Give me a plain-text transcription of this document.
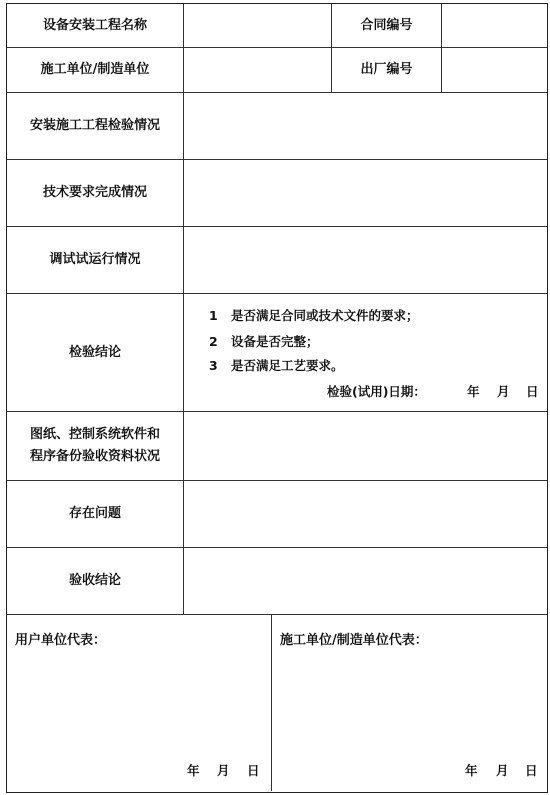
设备安装工程名称	合同编号
施工单位/制造单位	出厂编号
安装施工工程检验情况
技术要求完成情况
调试试运行情况
检验结论
1 是否满足合同或技术文件的要求；
2 设备是否完整；
3 是否满足工艺要求。
检验(试用)日期：	年 月 日
图纸、控制系统软件和
程序备份验收资料状况
存在问题
验收结论
用户单位代表：
年 月 日
施工单位/制造单位代表：
年 月 日
